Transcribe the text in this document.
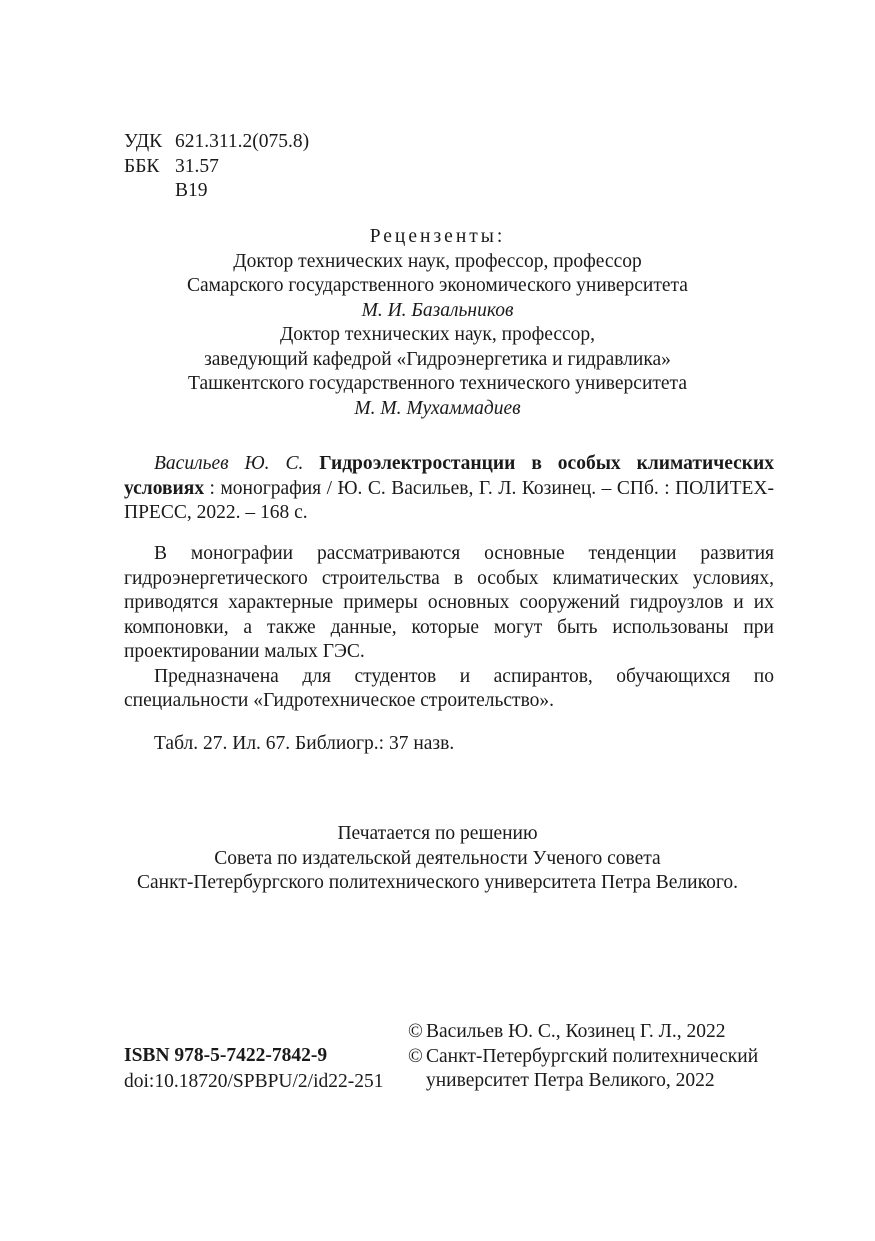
УДК 621.311.2(075.8)
ББК 31.57
В19
Рецензенты:
Доктор технических наук, профессор, профессор
Самарского государственного экономического университета
М. И. Базальников
Доктор технических наук, профессор,
заведующий кафедрой «Гидроэнергетика и гидравлика»
Ташкентского государственного технического университета
М. М. Мухаммадиев

Васильев Ю. С. Гидроэлектростанции в особых климатических условиях : монография / Ю. С. Васильев, Г. Л. Козинец. – СПб. : ПОЛИТЕХ-ПРЕСС, 2022. – 168 с.

В монографии рассматриваются основные тенденции развития гидроэнергетического строительства в особых климатических условиях, приводятся характерные примеры основных сооружений гидроузлов и их компоновки, а также данные, которые могут быть использованы при проектировании малых ГЭС.

Предназначена для студентов и аспирантов, обучающихся по специальности «Гидротехническое строительство».

Табл. 27. Ил. 67. Библиогр.: 37 назв.
Печатается по решению
Совета по издательской деятельности Ученого совета
Санкт-Петербургского политехнического университета Петра Великого.
ISBN 978-5-7422-7842-9
doi:10.18720/SPBPU/2/id22-251
© Васильев Ю. С., Козинец Г. Л., 2022
© Санкт-Петербургский политехнический
университет Петра Великого, 2022
